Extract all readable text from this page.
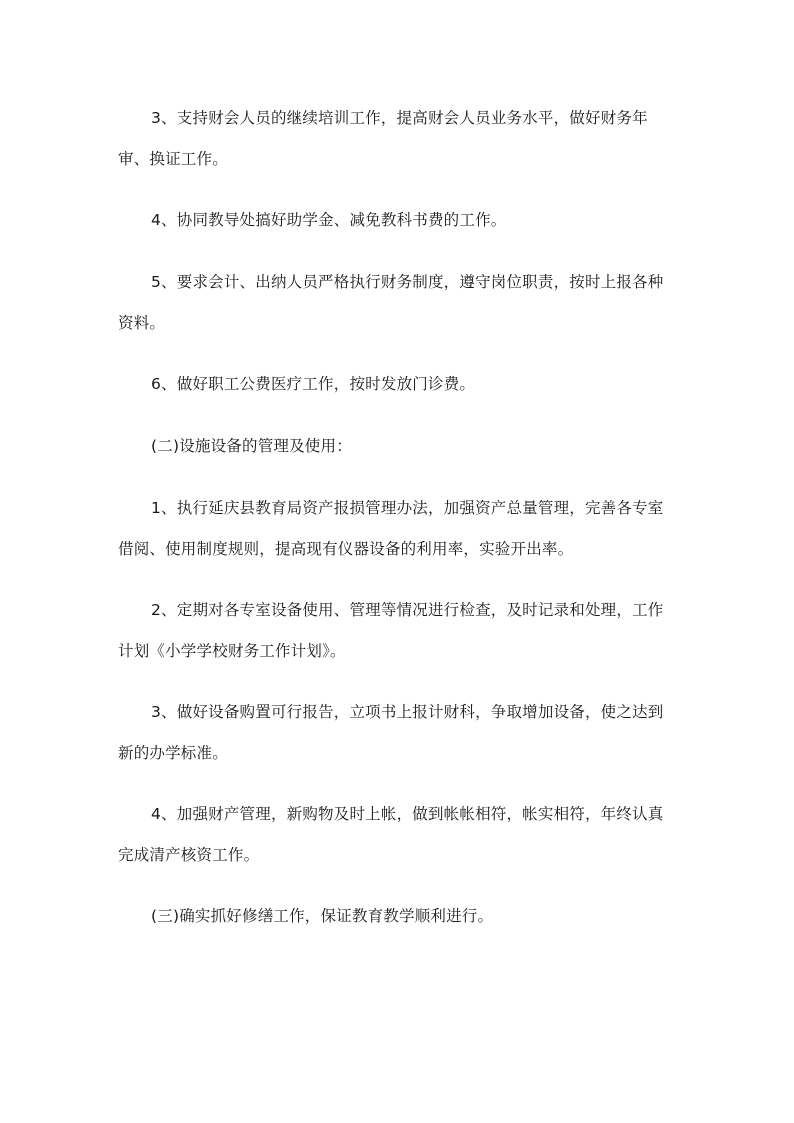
3、支持财会人员的继续培训工作，提高财会人员业务水平，做好财务年审、换证工作。

4、协同教导处搞好助学金、减免教科书费的工作。

5、要求会计、出纳人员严格执行财务制度，遵守岗位职责，按时上报各种资料。

6、做好职工公费医疗工作，按时发放门诊费。

(二)设施设备的管理及使用：

1、执行延庆县教育局资产报损管理办法，加强资产总量管理，完善各专室借阅、使用制度规则，提高现有仪器设备的利用率，实验开出率。

2、定期对各专室设备使用、管理等情况进行检查，及时记录和处理，工作计划《小学学校财务工作计划》。

3、做好设备购置可行报告，立项书上报计财科，争取增加设备，使之达到新的办学标准。

4、加强财产管理，新购物及时上帐，做到帐帐相符，帐实相符，年终认真完成清产核资工作。

(三)确实抓好修缮工作，保证教育教学顺利进行。
